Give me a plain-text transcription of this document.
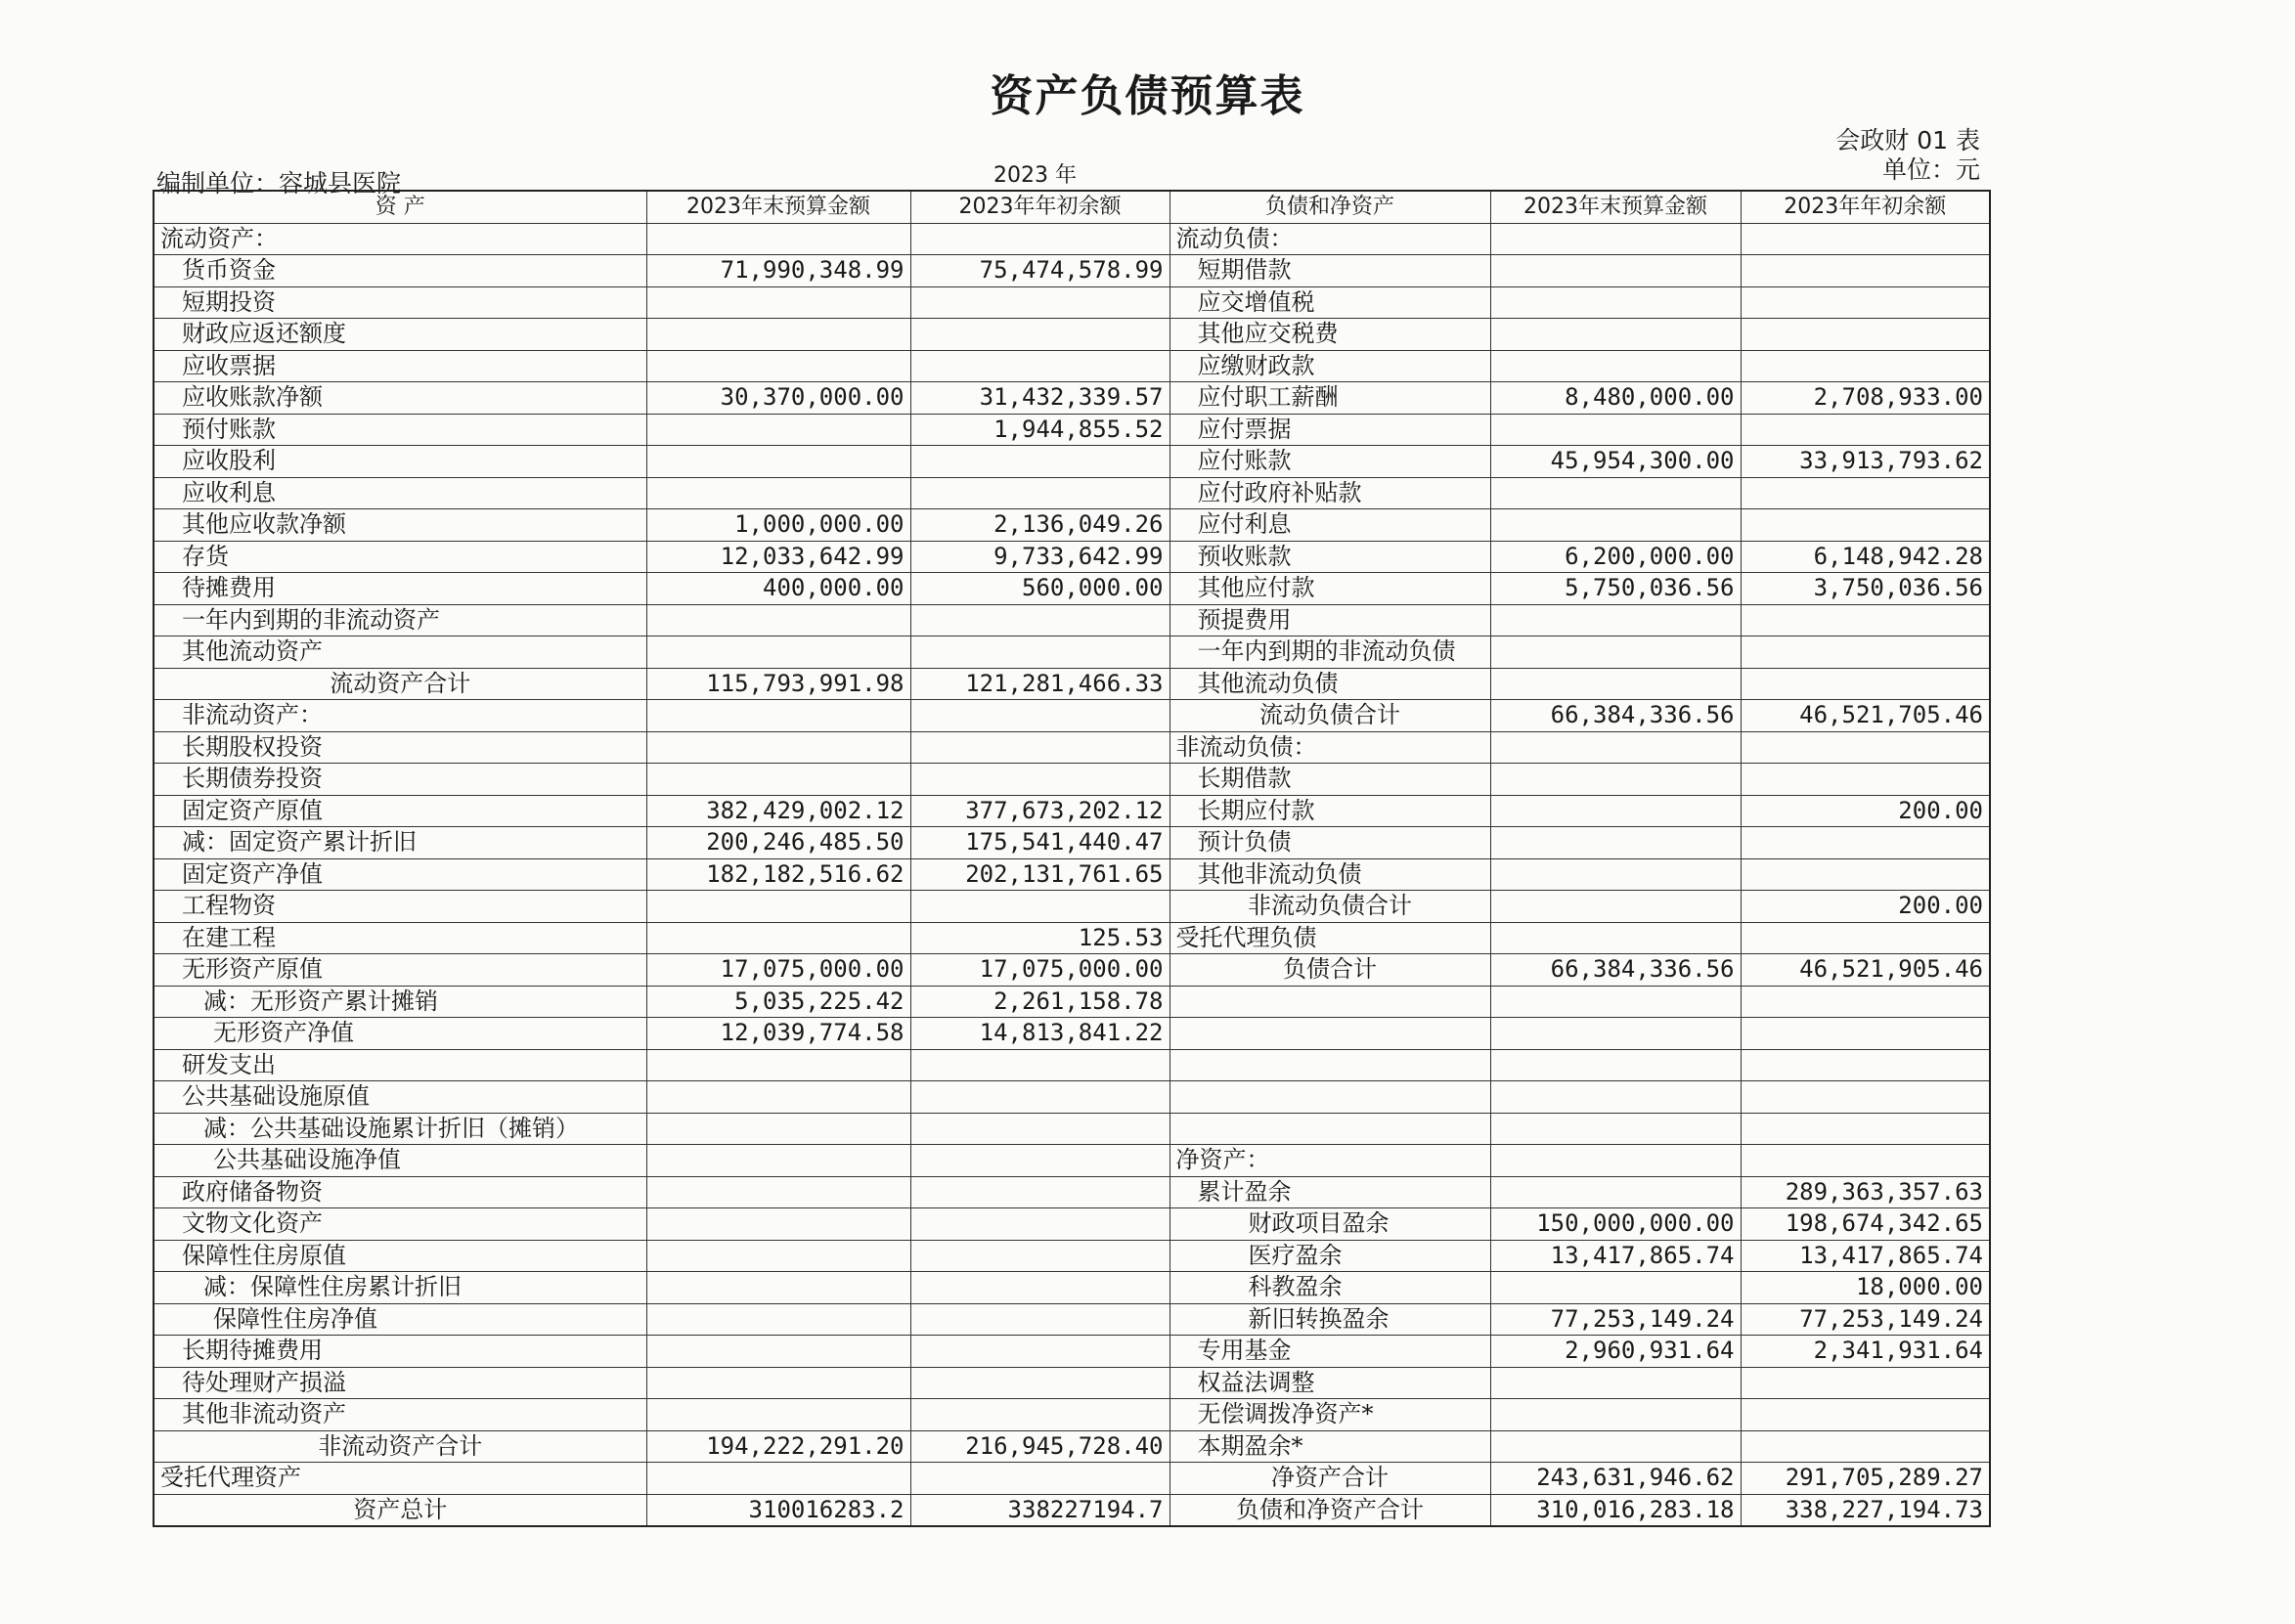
资产负债预算表
会政财 01 表
单位：元
编制单位：容城县医院	2023 年
资 产	2023年末预算金额	2023年年初余额	负债和净资产	2023年末预算金额	2023年年初余额
流动资产：			流动负债：		
货币资金	71,990,348.99	75,474,578.99	短期借款		
短期投资			应交增值税		
财政应返还额度			其他应交税费		
应收票据			应缴财政款		
应收账款净额	30,370,000.00	31,432,339.57	应付职工薪酬	8,480,000.00	2,708,933.00
预付账款		1,944,855.52	应付票据		
应收股利			应付账款	45,954,300.00	33,913,793.62
应收利息			应付政府补贴款		
其他应收款净额	1,000,000.00	2,136,049.26	应付利息		
存货	12,033,642.99	9,733,642.99	预收账款	6,200,000.00	6,148,942.28
待摊费用	400,000.00	560,000.00	其他应付款	5,750,036.56	3,750,036.56
一年内到期的非流动资产			预提费用		
其他流动资产			一年内到期的非流动负债		
流动资产合计	115,793,991.98	121,281,466.33	其他流动负债		
非流动资产：			流动负债合计	66,384,336.56	46,521,705.46
长期股权投资			非流动负债：		
长期债券投资			长期借款		
固定资产原值	382,429,002.12	377,673,202.12	长期应付款		200.00
减：固定资产累计折旧	200,246,485.50	175,541,440.47	预计负债		
固定资产净值	182,182,516.62	202,131,761.65	其他非流动负债		
工程物资			非流动负债合计		200.00
在建工程		125.53	受托代理负债		
无形资产原值	17,075,000.00	17,075,000.00	负债合计	66,384,336.56	46,521,905.46
减：无形资产累计摊销	5,035,225.42	2,261,158.78			
无形资产净值	12,039,774.58	14,813,841.22			
研发支出					
公共基础设施原值					
减：公共基础设施累计折旧（摊销）					
公共基础设施净值			净资产：		
政府储备物资			累计盈余		289,363,357.63
文物文化资产			财政项目盈余	150,000,000.00	198,674,342.65
保障性住房原值			医疗盈余	13,417,865.74	13,417,865.74
减：保障性住房累计折旧			科教盈余		18,000.00
保障性住房净值			新旧转换盈余	77,253,149.24	77,253,149.24
长期待摊费用			专用基金	2,960,931.64	2,341,931.64
待处理财产损溢			权益法调整		
其他非流动资产			无偿调拨净资产*		
非流动资产合计	194,222,291.20	216,945,728.40	本期盈余*		
受托代理资产			净资产合计	243,631,946.62	291,705,289.27
资产总计	310016283.2	338227194.7	负债和净资产合计	310,016,283.18	338,227,194.73
